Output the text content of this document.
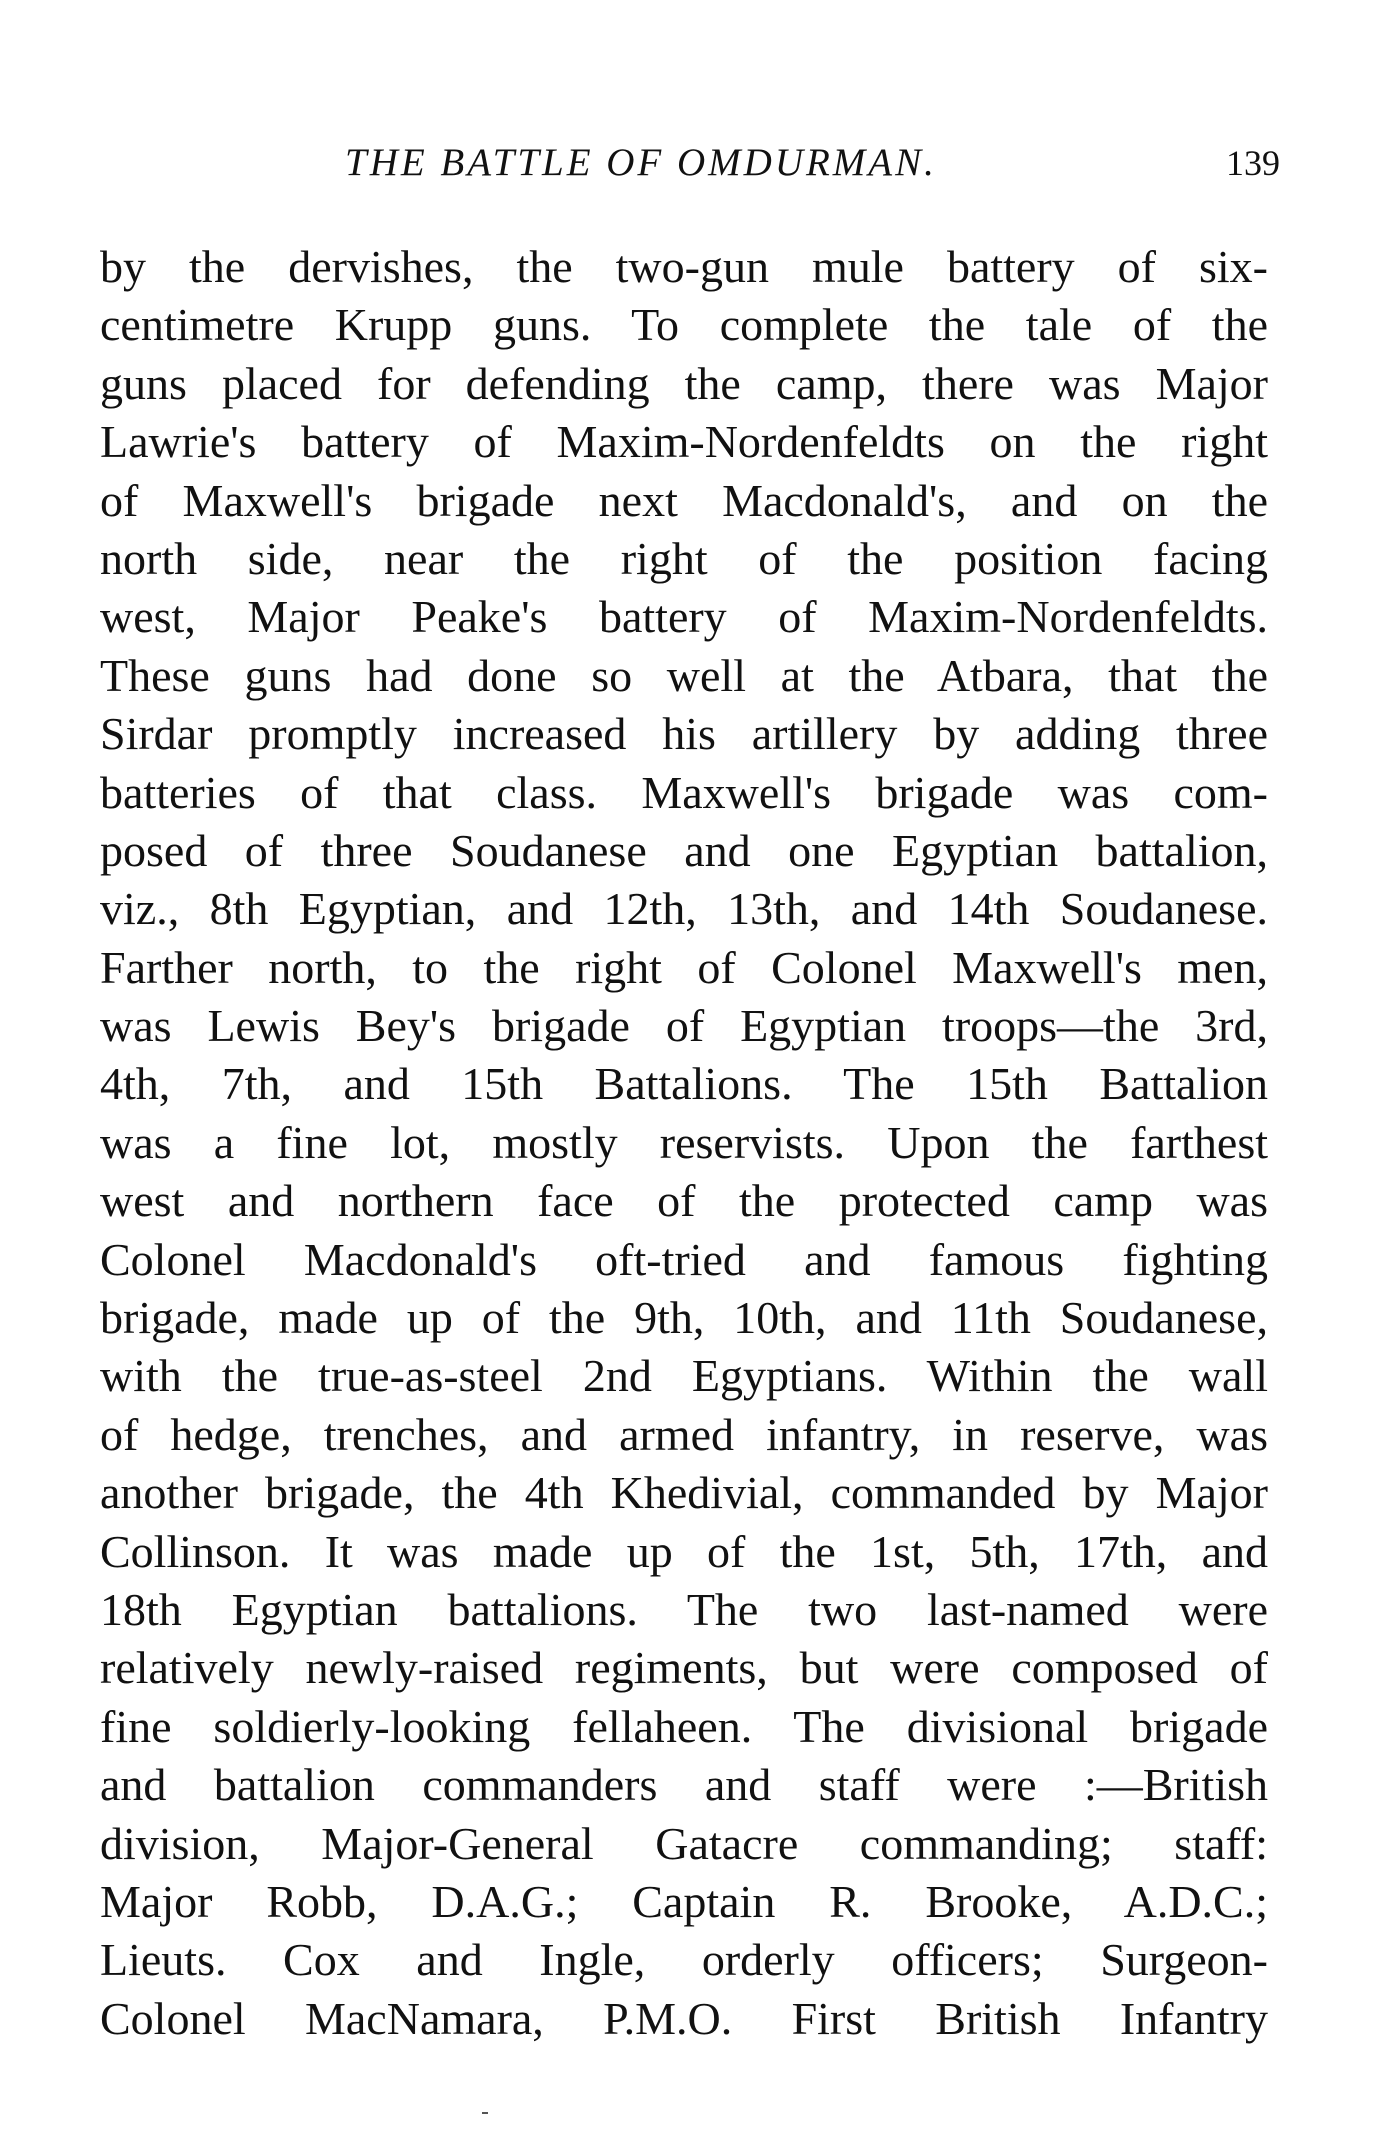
THE BATTLE OF OMDURMAN.	139
by the dervishes, the two-gun mule battery of six-
centimetre Krupp guns. To complete the tale of the
guns placed for defending the camp, there was Major
Lawrie's battery of Maxim-Nordenfeldts on the right
of Maxwell's brigade next Macdonald's, and on the
north side, near the right of the position facing
west, Major Peake's battery of Maxim-Nordenfeldts.
These guns had done so well at the Atbara, that the
Sirdar promptly increased his artillery by adding three
batteries of that class. Maxwell's brigade was com-
posed of three Soudanese and one Egyptian battalion,
viz., 8th Egyptian, and 12th, 13th, and 14th Soudanese.
Farther north, to the right of Colonel Maxwell's men,
was Lewis Bey's brigade of Egyptian troops—the 3rd,
4th, 7th, and 15th Battalions. The 15th Battalion
was a fine lot, mostly reservists. Upon the farthest
west and northern face of the protected camp was
Colonel Macdonald's oft-tried and famous fighting
brigade, made up of the 9th, 10th, and 11th Soudanese,
with the true-as-steel 2nd Egyptians. Within the wall
of hedge, trenches, and armed infantry, in reserve, was
another brigade, the 4th Khedivial, commanded by Major
Collinson. It was made up of the 1st, 5th, 17th, and
18th Egyptian battalions. The two last-named were
relatively newly-raised regiments, but were composed of
fine soldierly-looking fellaheen. The divisional brigade
and battalion commanders and staff were :—British
division, Major-General Gatacre commanding; staff:
Major Robb, D.A.G.; Captain R. Brooke, A.D.C.;
Lieuts. Cox and Ingle, orderly officers; Surgeon-
Colonel MacNamara, P.M.O. First British Infantry
